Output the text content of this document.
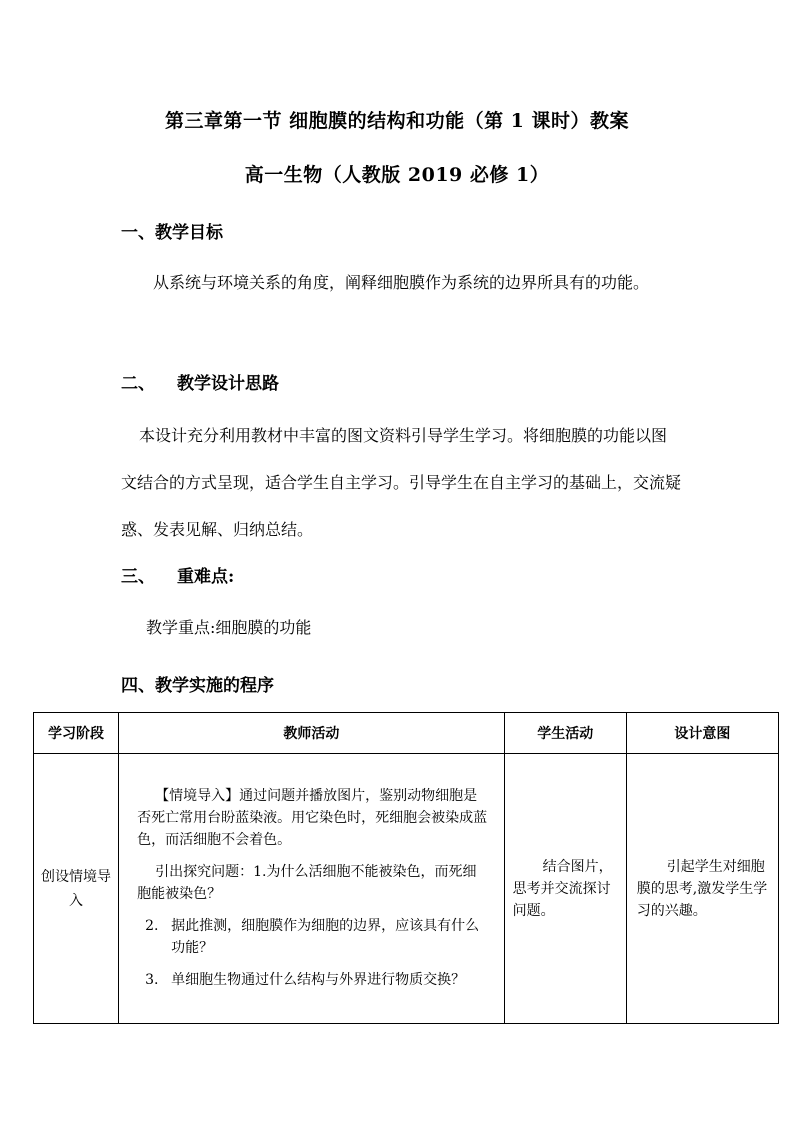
第三章第一节 细胞膜的结构和功能（第 1 课时）教案
高一生物（人教版 2019 必修 1）
一、教学目标
从系统与环境关系的角度，阐释细胞膜作为系统的边界所具有的功能。
二、 教学设计思路
本设计充分利用教材中丰富的图文资料引导学生学习。将细胞膜的功能以图文结合的方式呈现，适合学生自主学习。引导学生在自主学习的基础上，交流疑惑、发表见解、归纳总结。
三、 重难点:
教学重点:细胞膜的功能
四、教学实施的程序
学习阶段	教师活动	学生活动	设计意图
创设情境导入	【情境导入】通过问题并播放图片，鉴别动物细胞是否死亡常用台盼蓝染液。用它染色时，死细胞会被染成蓝色，而活细胞不会着色。

引出探究问题：1.为什么活细胞不能被染色，而死细胞能被染色？

2. 据此推测，细胞膜作为细胞的边界，应该具有什么功能？

3. 单细胞生物通过什么结构与外界进行物质交换？	结合图片，思考并交流探讨问题。	引起学生对细胞膜的思考,激发学生学习的兴趣。
